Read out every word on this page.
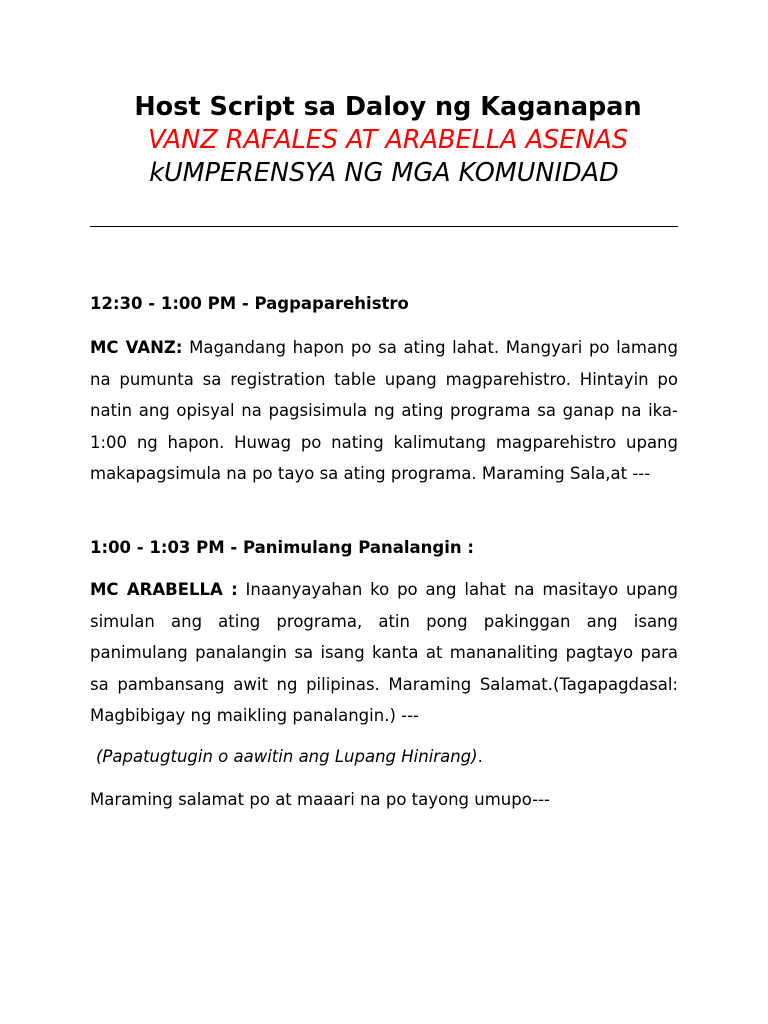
Host Script sa Daloy ng Kaganapan
VANZ RAFALES AT ARABELLA ASENAS
kUMPERENSYA NG MGA KOMUNIDAD
12:30 - 1:00 PM - Pagpaparehistro
MC VANZ: Magandang hapon po sa ating lahat. Mangyari po lamang na pumunta sa registration table upang magparehistro. Hintayin po natin ang opisyal na pagsisimula ng ating programa sa ganap na ika-1:00 ng hapon. Huwag po nating kalimutang magparehistro upang makapagsimula na po tayo sa ating programa. Maraming Sala,at ---
1:00 - 1:03 PM - Panimulang Panalangin :
MC ARABELLA : Inaanyayahan ko po ang lahat na masitayo upang simulan ang ating programa, atin pong pakinggan ang isang panimulang panalangin sa isang kanta at mananaliting pagtayo para sa pambansang awit ng pilipinas. Maraming Salamat.(Tagapagdasal: Magbibigay ng maikling panalangin.) ---
(Papatugtugin o aawitin ang Lupang Hinirang).
Maraming salamat po at maaari na po tayong umupo---
